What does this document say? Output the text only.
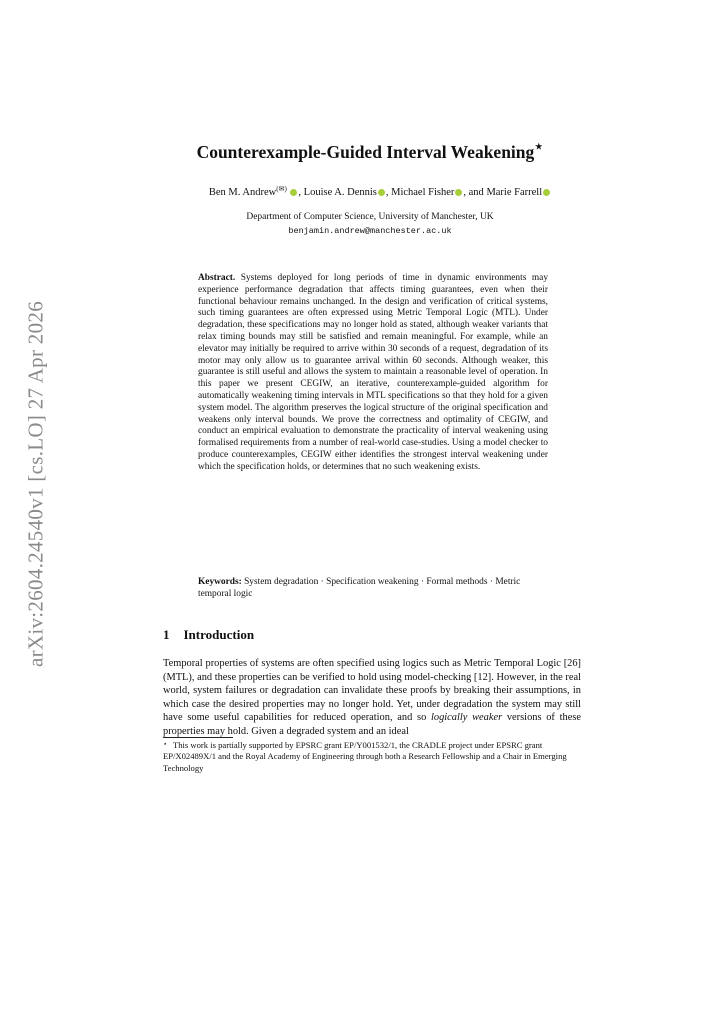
arXiv:2604.24540v1 [cs.LO] 27 Apr 2026
Counterexample-Guided Interval Weakening⋆
Ben M. Andrew(✉) , Louise A. Dennis , Michael Fisher , and Marie Farrell
Department of Computer Science, University of Manchester, UK
benjamin.andrew@manchester.ac.uk
Abstract. Systems deployed for long periods of time in dynamic environments may experience performance degradation that affects timing guarantees, even when their functional behaviour remains unchanged. In the design and verification of critical systems, such timing guarantees are often expressed using Metric Temporal Logic (MTL). Under degradation, these specifications may no longer hold as stated, although weaker variants that relax timing bounds may still be satisfied and remain meaningful. For example, while an elevator may initially be required to arrive within 30 seconds of a request, degradation of its motor may only allow us to guarantee arrival within 60 seconds. Although weaker, this guarantee is still useful and allows the system to maintain a reasonable level of operation. In this paper we present CEGIW, an iterative, counterexample-guided algorithm for automatically weakening timing intervals in MTL specifications so that they hold for a given system model. The algorithm preserves the logical structure of the original specification and weakens only interval bounds. We prove the correctness and optimality of CEGIW, and conduct an empirical evaluation to demonstrate the practicality of interval weakening using formalised requirements from a number of real-world case-studies. Using a model checker to produce counterexamples, CEGIW either identifies the strongest interval weakening under which the specification holds, or determines that no such weakening exists.
Keywords: System degradation · Specification weakening · Formal methods · Metric temporal logic
1 Introduction
Temporal properties of systems are often specified using logics such as Metric Temporal Logic [26] (MTL), and these properties can be verified to hold using model-checking [12]. However, in the real world, system failures or degradation can invalidate these proofs by breaking their assumptions, in which case the desired properties may no longer hold. Yet, under degradation the system may still have some useful capabilities for reduced operation, and so logically weaker versions of these properties may hold. Given a degraded system and an ideal
⋆ This work is partially supported by EPSRC grant EP/Y001532/1, the CRADLE project under EPSRC grant EP/X02489X/1 and the Royal Academy of Engineering through both a Research Fellowship and a Chair in Emerging Technology
